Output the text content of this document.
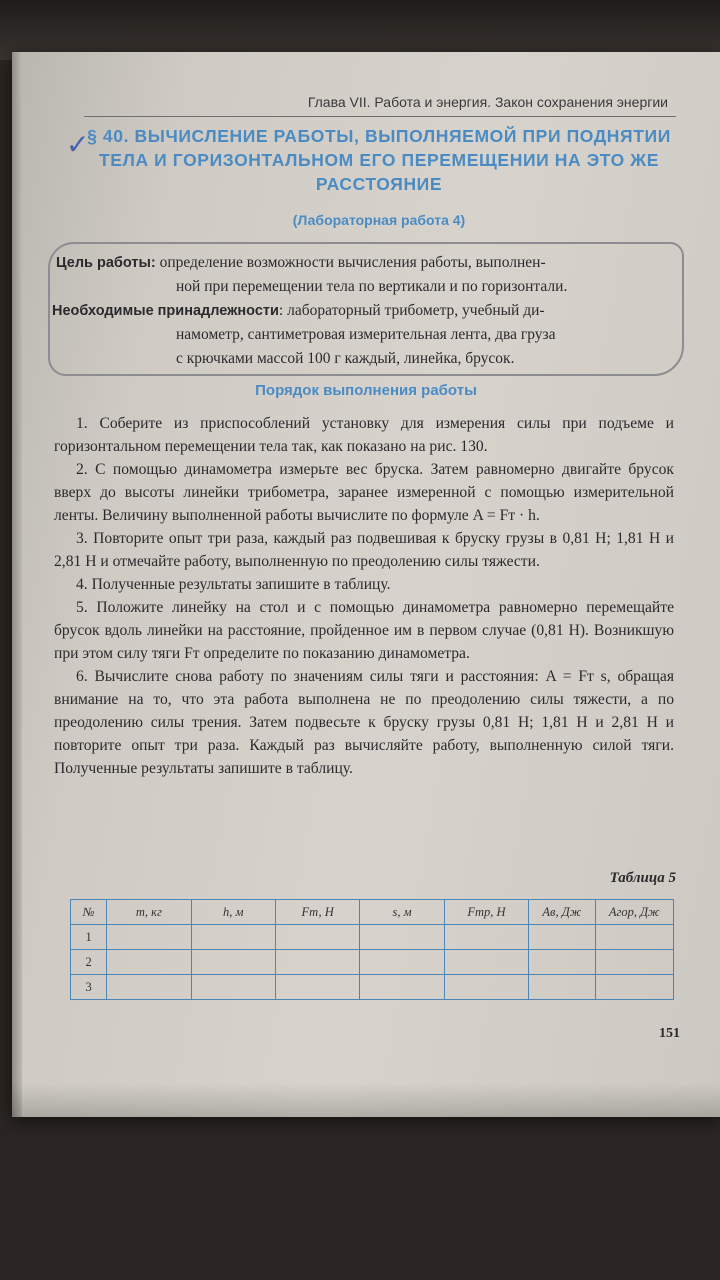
Глава VII. Работа и энергия. Закон сохранения энергии
✓
§ 40. ВЫЧИСЛЕНИЕ РАБОТЫ, ВЫПОЛНЯЕМОЙ ПРИ ПОДНЯТИИ ТЕЛА И ГОРИЗОНТАЛЬНОМ ЕГО ПЕРЕМЕЩЕНИИ НА ЭТО ЖЕ РАССТОЯНИЕ
(Лабораторная работа 4)
Цель работы: определение возможности вычисления работы, выполнен-
ной при перемещении тела по вертикали и по горизонтали.
Необходимые принадлежности: лабораторный трибометр, учебный ди-
намометр, сантиметровая измерительная лента, два груза
с крючками массой 100 г каждый, линейка, брусок.
Порядок выполнения работы

1. Соберите из приспособлений установку для измерения силы при подъеме и горизонтальном перемещении тела так, как показано на рис. 130.

2. С помощью динамометра измерьте вес бруска. Затем равномерно двигайте брусок вверх до высоты линейки трибометра, заранее измеренной с помощью измерительной ленты. Величину выполненной работы вычислите по формуле A = Fт · h.

3. Повторите опыт три раза, каждый раз подвешивая к бруску грузы в 0,81 Н; 1,81 Н и 2,81 Н и отмечайте работу, выполненную по преодолению силы тяжести.

4. Полученные результаты запишите в таблицу.

5. Положите линейку на стол и с помощью динамометра равномерно перемещайте брусок вдоль линейки на расстояние, пройденное им в первом случае (0,81 Н). Возникшую при этом силу тяги Fт определите по показанию динамометра.

6. Вычислите снова работу по значениям силы тяги и расстояния: A = Fт s, обращая внимание на то, что эта работа выполнена не по преодолению силы тяжести, а по преодолению силы трения. Затем подвесьте к бруску грузы 0,81 Н; 1,81 Н и 2,81 Н и повторите опыт три раза. Каждый раз вычисляйте работу, выполненную силой тяги. Полученные результаты запишите в таблицу.

Таблица 5
№	m, кг	h, м	Fт, Н	s, м	Fтр, Н	Aв, Дж	Aгор, Дж
1							
2							
3							
151
